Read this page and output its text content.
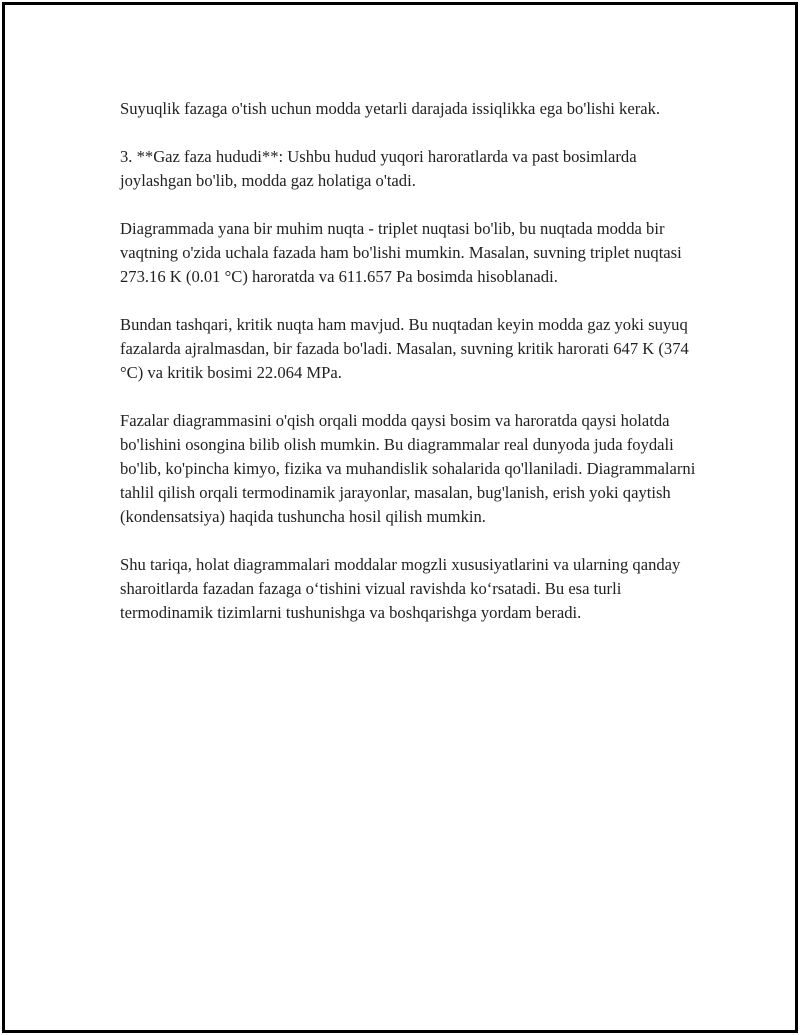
Suyuqlik fazaga o'tish uchun modda yetarli darajada issiqlikka ega bo'lishi kerak.

3. **Gaz faza hududi**: Ushbu hudud yuqori haroratlarda va past bosimlarda joylashgan bo'lib, modda gaz holatiga o'tadi.

Diagrammada yana bir muhim nuqta - triplet nuqtasi bo'lib, bu nuqtada modda bir vaqtning o'zida uchala fazada ham bo'lishi mumkin. Masalan, suvning triplet nuqtasi 273.16 K (0.01 °C) haroratda va 611.657 Pa bosimda hisoblanadi.

Bundan tashqari, kritik nuqta ham mavjud. Bu nuqtadan keyin modda gaz yoki suyuq fazalarda ajralmasdan, bir fazada bo'ladi. Masalan, suvning kritik harorati 647 K (374 °C) va kritik bosimi 22.064 MPa.

Fazalar diagrammasini o'qish orqali modda qaysi bosim va haroratda qaysi holatda bo'lishini osongina bilib olish mumkin. Bu diagrammalar real dunyoda juda foydali bo'lib, ko'pincha kimyo, fizika va muhandislik sohalarida qo'llaniladi. Diagrammalarni tahlil qilish orqali termodinamik jarayonlar, masalan, bug'lanish, erish yoki qaytish (kondensatsiya) haqida tushuncha hosil qilish mumkin.

Shu tariqa, holat diagrammalari moddalar mogzli xususiyatlarini va ularning qanday sharoitlarda fazadan fazaga o‘tishini vizual ravishda ko‘rsatadi. Bu esa turli termodinamik tizimlarni tushunishga va boshqarishga yordam beradi.
